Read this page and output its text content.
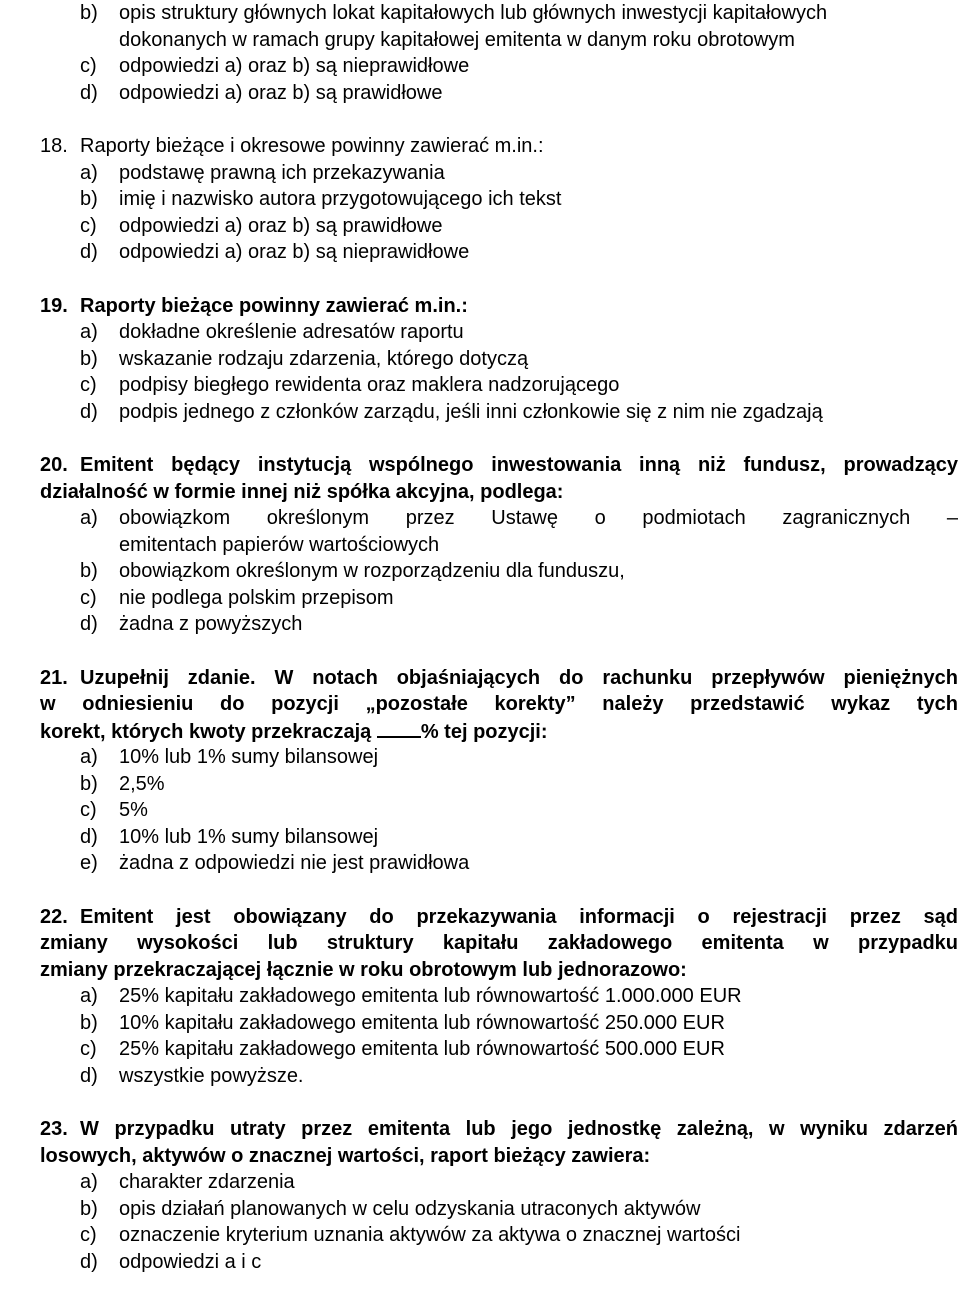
b) opis struktury głównych lokat kapitałowych lub głównych inwestycji kapitałowych
dokonanych w ramach grupy kapitałowej emitenta w danym roku obrotowym
c) odpowiedzi a) oraz b) są nieprawidłowe
d) odpowiedzi a) oraz b) są prawidłowe
18. Raporty bieżące i okresowe powinny zawierać m.in.:
a) podstawę prawną ich przekazywania
b) imię i nazwisko autora przygotowującego ich tekst
c) odpowiedzi a) oraz b) są prawidłowe
d) odpowiedzi a) oraz b) są nieprawidłowe
19. Raporty bieżące powinny zawierać m.in.:
a) dokładne określenie adresatów raportu
b) wskazanie rodzaju zdarzenia, którego dotyczą
c) podpisy biegłego rewidenta oraz maklera nadzorującego
d) podpis jednego z członków zarządu, jeśli inni członkowie się z nim nie zgadzają
20. Emitent będący instytucją wspólnego inwestowania inną niż fundusz, prowadzący
działalność w formie innej niż spółka akcyjna, podlega:
a) obowiązkom określonym przez Ustawę o podmiotach zagranicznych –
emitentach papierów wartościowych
b) obowiązkom określonym w rozporządzeniu dla funduszu,
c) nie podlega polskim przepisom
d) żadna z powyższych
21. Uzupełnij zdanie. W notach objaśniających do rachunku przepływów pieniężnych
w odniesieniu do pozycji „pozostałe korekty” należy przedstawić wykaz tych
korekt, których kwoty przekraczają % tej pozycji:
a) 10% lub 1% sumy bilansowej
b) 2,5%
c) 5%
d) 10% lub 1% sumy bilansowej
e) żadna z odpowiedzi nie jest prawidłowa
22. Emitent jest obowiązany do przekazywania informacji o rejestracji przez sąd
zmiany wysokości lub struktury kapitału zakładowego emitenta w przypadku
zmiany przekraczającej łącznie w roku obrotowym lub jednorazowo:
a) 25% kapitału zakładowego emitenta lub równowartość 1.000.000 EUR
b) 10% kapitału zakładowego emitenta lub równowartość 250.000 EUR
c) 25% kapitału zakładowego emitenta lub równowartość 500.000 EUR
d) wszystkie powyższe.
23. W przypadku utraty przez emitenta lub jego jednostkę zależną, w wyniku zdarzeń
losowych, aktywów o znacznej wartości, raport bieżący zawiera:
a) charakter zdarzenia
b) opis działań planowanych w celu odzyskania utraconych aktywów
c) oznaczenie kryterium uznania aktywów za aktywa o znacznej wartości
d) odpowiedzi a i c
